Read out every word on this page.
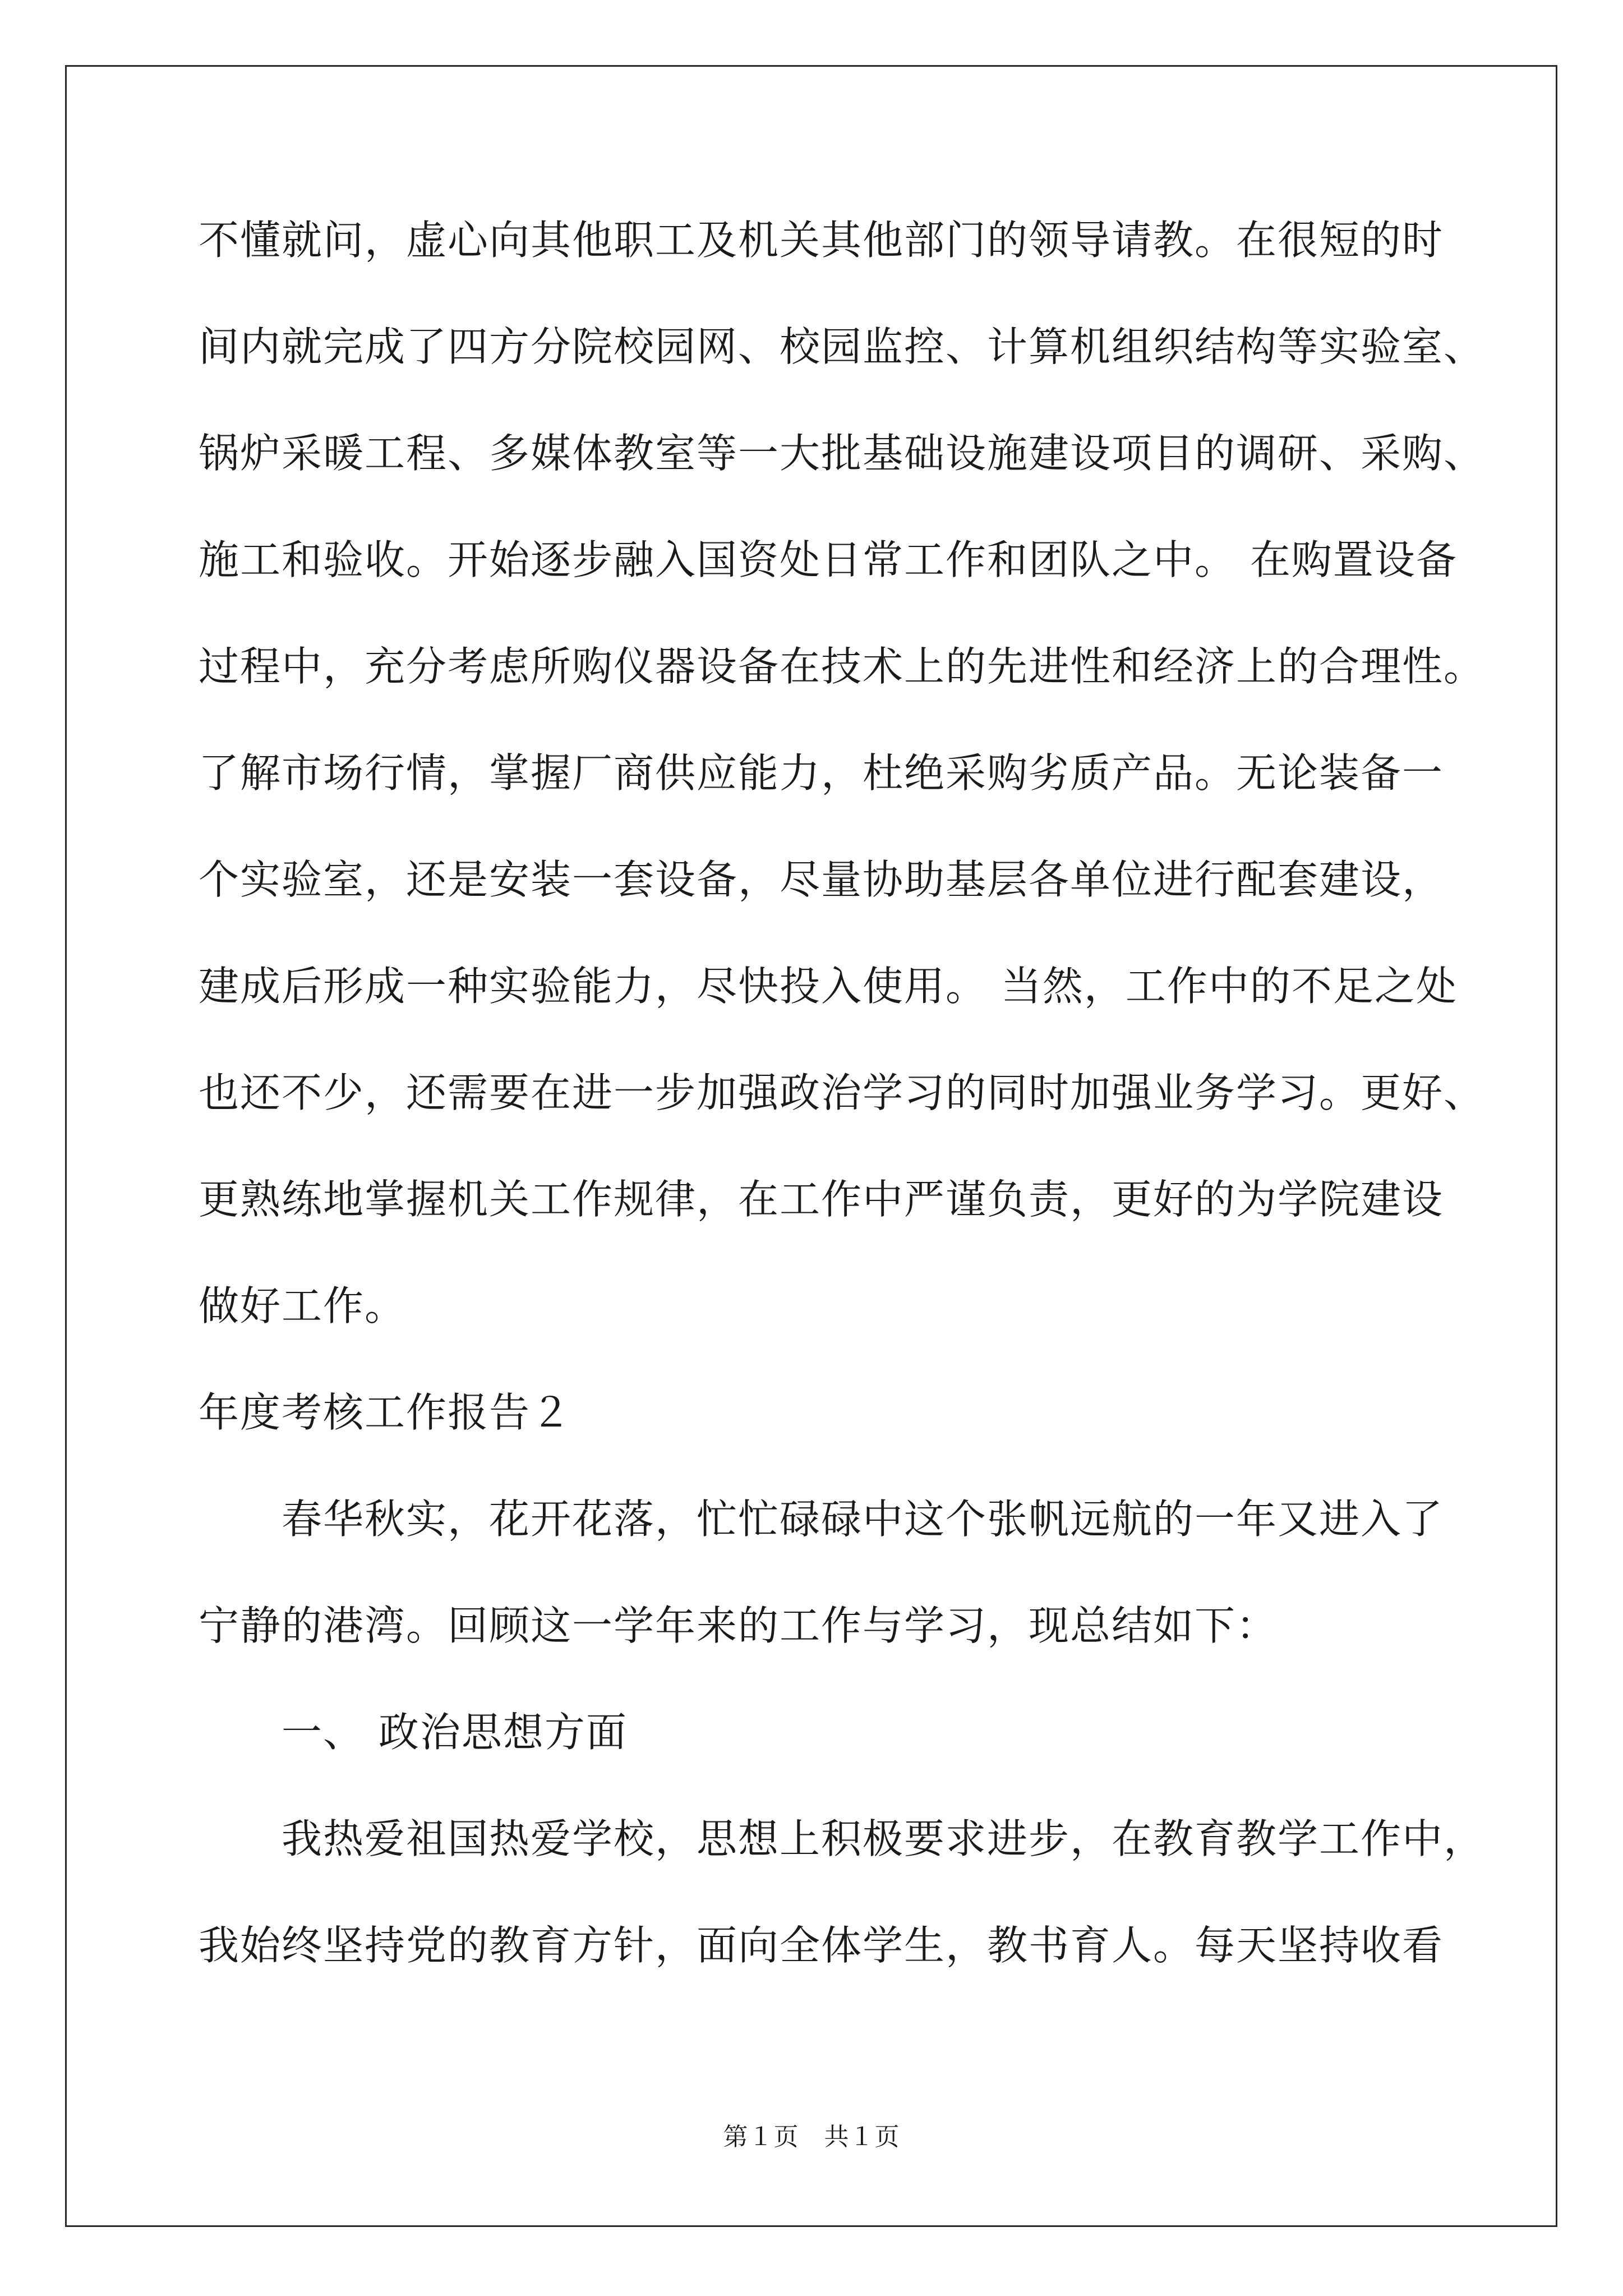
不懂就问，虚心向其他职工及机关其他部门的领导请教。在很短的时
间内就完成了四方分院校园网、校园监控、计算机组织结构等实验室、
锅炉采暖工程、多媒体教室等一大批基础设施建设项目的调研、采购、
施工和验收。开始逐步融入国资处日常工作和团队之中。 在购置设备
过程中，充分考虑所购仪器设备在技术上的先进性和经济上的合理性。
了解市场行情，掌握厂商供应能力，杜绝采购劣质产品。无论装备一
个实验室，还是安装一套设备，尽量协助基层各单位进行配套建设，
建成后形成一种实验能力，尽快投入使用。 当然，工作中的不足之处
也还不少，还需要在进一步加强政治学习的同时加强业务学习。更好、
更熟练地掌握机关工作规律，在工作中严谨负责，更好的为学院建设
做好工作。
年度考核工作报告２
春华秋实，花开花落，忙忙碌碌中这个张帆远航的一年又进入了
宁静的港湾。回顾这一学年来的工作与学习，现总结如下：
一、 政治思想方面
我热爱祖国热爱学校，思想上积极要求进步，在教育教学工作中，
我始终坚持党的教育方针，面向全体学生，教书育人。每天坚持收看
第１页 共１页
